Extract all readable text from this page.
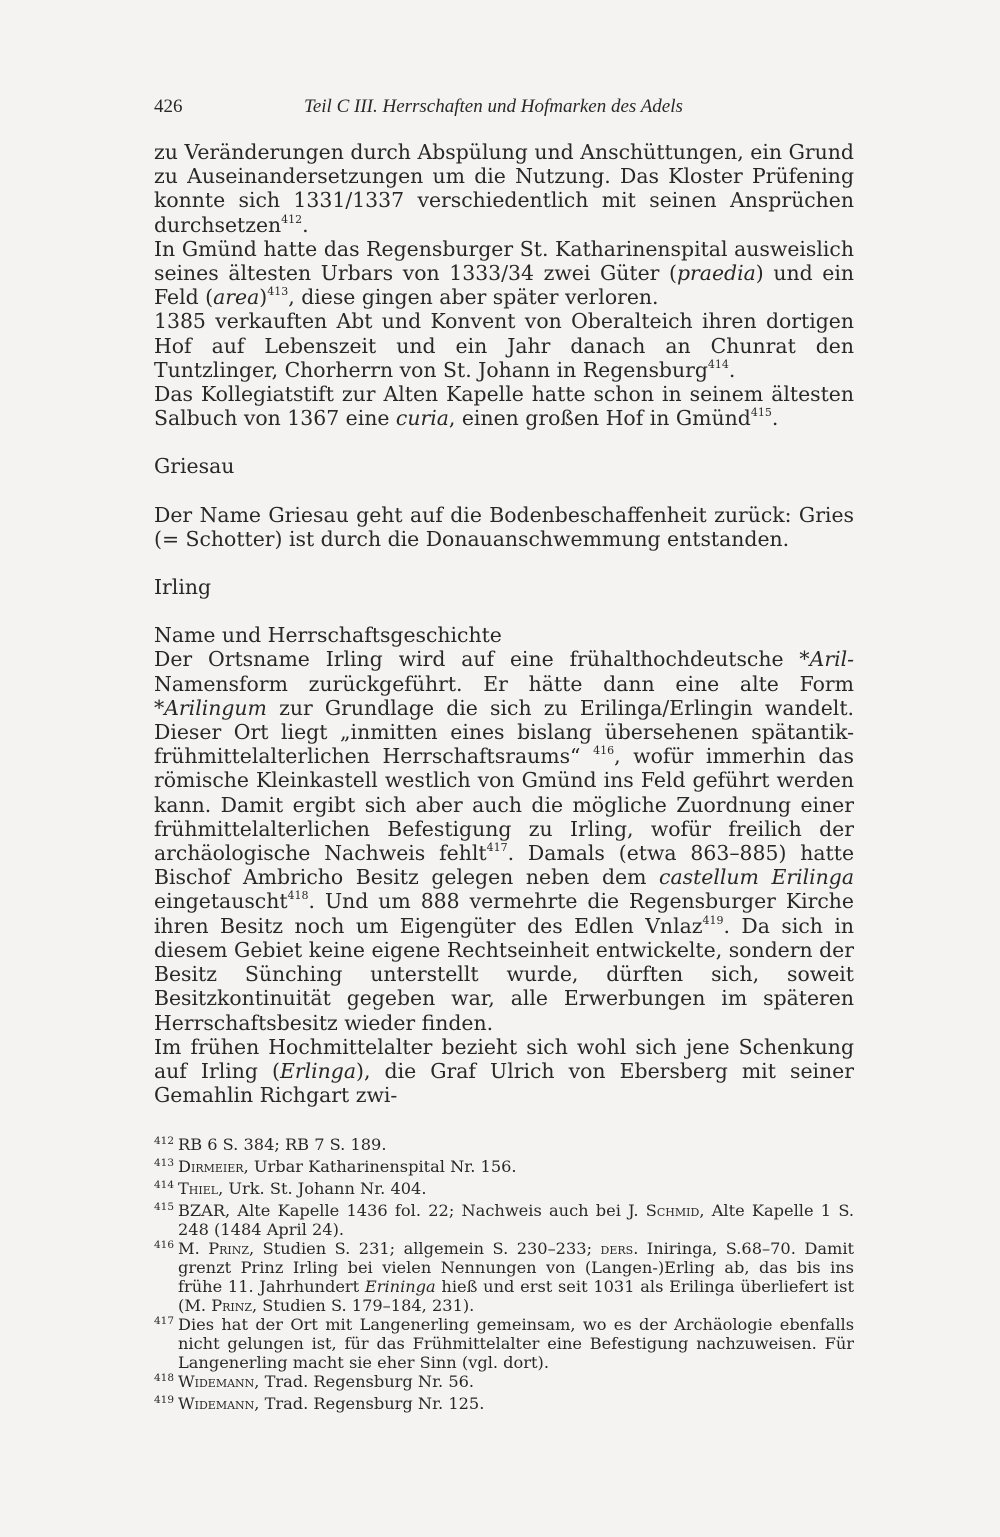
426	Teil C III. Herrschaften und Hofmarken des Adels

zu Veränderungen durch Abspülung und Anschüttungen, ein Grund zu Auseinandersetzungen um die Nutzung. Das Kloster Prüfening konnte sich 1331/1337 verschiedentlich mit seinen Ansprüchen durchsetzen$^{412}$.

In Gmünd hatte das Regensburger St. Katharinenspital ausweislich seines ältesten Urbars von 1333/34 zwei Güter (praedia) und ein Feld (area)$^{413}$, diese gingen aber später verloren.

1385 verkauften Abt und Konvent von Oberalteich ihren dortigen Hof auf Lebenszeit und ein Jahr danach an Chunrat den Tuntzlinger, Chorherrn von St. Johann in Regensburg$^{414}$.

Das Kollegiatstift zur Alten Kapelle hatte schon in seinem ältesten Salbuch von 1367 eine curia, einen großen Hof in Gmünd$^{415}$.

Griesau

Der Name Griesau geht auf die Bodenbeschaffenheit zurück: Gries (= Schotter) ist durch die Donauanschwemmung entstanden.

Irling

Name und Herrschaftsgeschichte

Der Ortsname Irling wird auf eine frühalthochdeutsche *Aril- Namensform zurückgeführt. Er hätte dann eine alte Form *Arilingum zur Grundlage die sich zu Erilinga/Erlingin wandelt. Dieser Ort liegt „inmitten eines bislang übersehenen spätantik-frühmittelalterlichen Herrschaftsraums“ $^{416}$, wofür immerhin das römische Kleinkastell westlich von Gmünd ins Feld geführt werden kann. Damit ergibt sich aber auch die mögliche Zuordnung einer frühmittelalterlichen Befestigung zu Irling, wofür freilich der archäologische Nachweis fehlt$^{417}$. Damals (etwa 863–885) hatte Bischof Ambricho Besitz gelegen neben dem castellum Erilinga eingetauscht$^{418}$. Und um 888 vermehrte die Regensburger Kirche ihren Besitz noch um Eigengüter des Edlen Vnlaz$^{419}$. Da sich in diesem Gebiet keine eigene Rechtseinheit entwickelte, sondern der Besitz Sünching unterstellt wurde, dürften sich, soweit Besitzkontinuität gegeben war, alle Erwerbungen im späteren Herrschaftsbesitz wieder finden.

Im frühen Hochmittelalter bezieht sich wohl sich jene Schenkung auf Irling (Erlinga), die Graf Ulrich von Ebersberg mit seiner Gemahlin Richgart zwi-

$^{412}$ RB 6 S. 384; RB 7 S. 189.
$^{413}$ Dirmeier, Urbar Katharinenspital Nr. 156.
$^{414}$ Thiel, Urk. St. Johann Nr. 404.
$^{415}$ BZAR, Alte Kapelle 1436 fol. 22; Nachweis auch bei J. Schmid, Alte Kapelle 1 S. 248 (1484 April 24).
$^{416}$ M. Prinz, Studien S. 231; allgemein S. 230–233; ders. Iniringa, S.68–70. Damit grenzt Prinz Irling bei vielen Nennungen von (Langen-)Erling ab, das bis ins frühe 11. Jahrhundert Erininga hieß und erst seit 1031 als Erilinga überliefert ist (M. Prinz, Studien S. 179–184, 231).
$^{417}$ Dies hat der Ort mit Langenerling gemeinsam, wo es der Archäologie ebenfalls nicht gelungen ist, für das Frühmittelalter eine Befestigung nachzuweisen. Für Langenerling macht sie eher Sinn (vgl. dort).
$^{418}$ Widemann, Trad. Regensburg Nr. 56.
$^{419}$ Widemann, Trad. Regensburg Nr. 125.
